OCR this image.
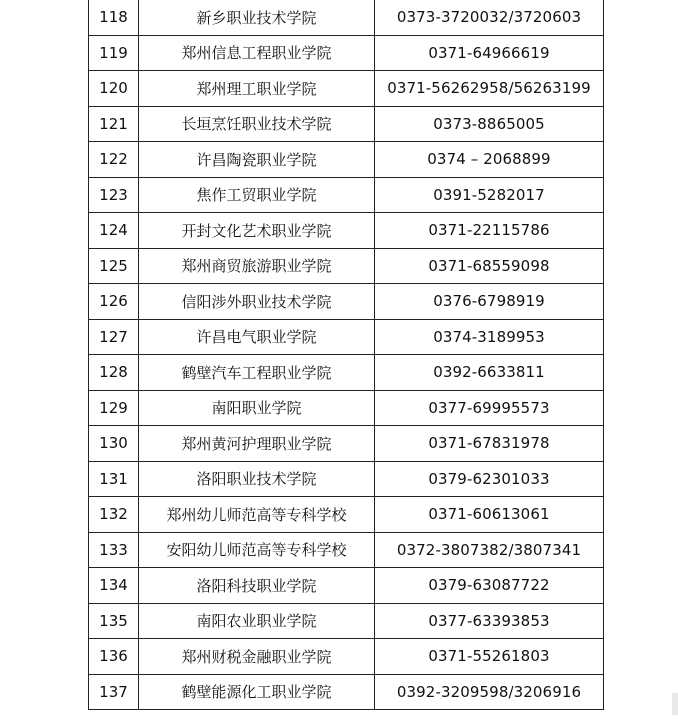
118	新乡职业技术学院	0373-3720032/3720603
119	郑州信息工程职业学院	0371-64966619
120	郑州理工职业学院	0371-56262958/56263199
121	长垣烹饪职业技术学院	0373-8865005
122	许昌陶瓷职业学院	0374 – 2068899
123	焦作工贸职业学院	0391-5282017
124	开封文化艺术职业学院	0371-22115786
125	郑州商贸旅游职业学院	0371-68559098
126	信阳涉外职业技术学院	0376-6798919
127	许昌电气职业学院	0374-3189953
128	鹤壁汽车工程职业学院	0392-6633811
129	南阳职业学院	0377-69995573
130	郑州黄河护理职业学院	0371-67831978
131	洛阳职业技术学院	0379-62301033
132	郑州幼儿师范高等专科学校	0371-60613061
133	安阳幼儿师范高等专科学校	0372-3807382/3807341
134	洛阳科技职业学院	0379-63087722
135	南阳农业职业学院	0377-63393853
136	郑州财税金融职业学院	0371-55261803
137	鹤壁能源化工职业学院	0392-3209598/3206916
